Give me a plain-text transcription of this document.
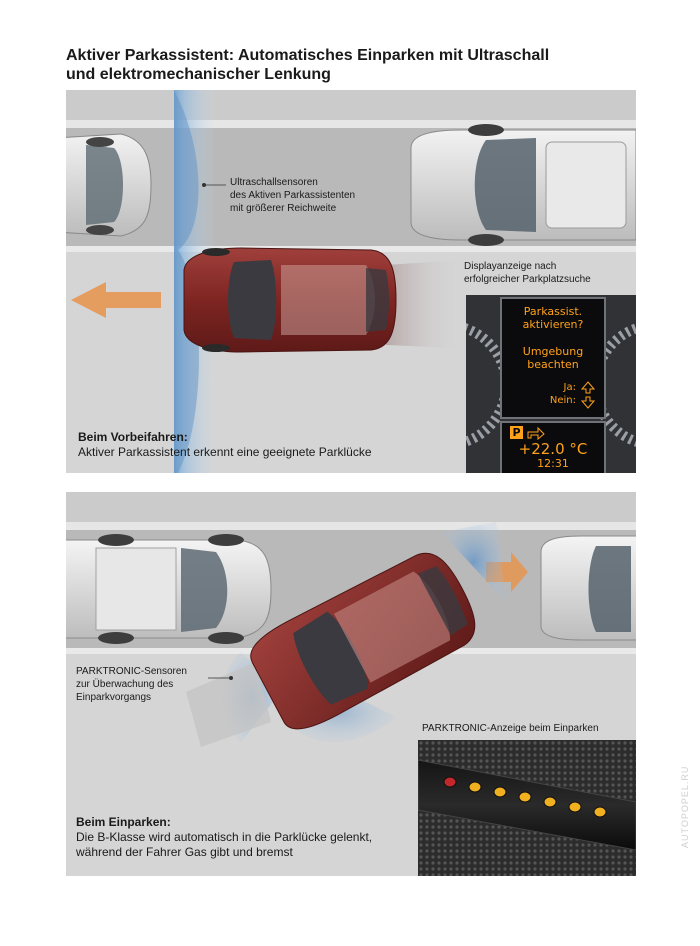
Aktiver Parkassistent: Automatisches Einparken mit Ultraschall
und elektromechanischer Lenkung
Ultraschallsensoren
des Aktiven Parkassistenten
mit größerer Reichweite
Displayanzeige nach
erfolgreicher Parkplatzsuche
Parkassist.
aktivieren?
Umgebung
beachten
Ja:
Nein:
P
+22.0 °C
12:31
Beim Vorbeifahren:
Aktiver Parkassistent erkennt eine geeignete Parklücke
PARKTRONIC-Sensoren
zur Überwachung des
Einparkvorgangs
PARKTRONIC-Anzeige beim Einparken
Beim Einparken:
Die B-Klasse wird automatisch in die Parklücke gelenkt,
während der Fahrer Gas gibt und bremst
AUTOPOPEL.RU
